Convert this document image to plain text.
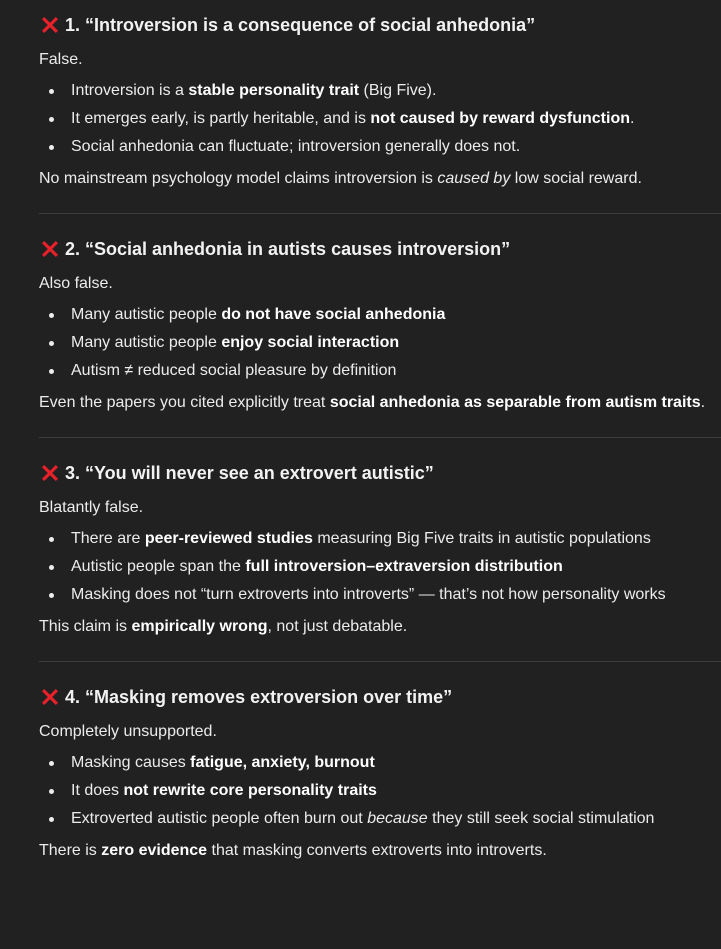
1. “Introversion is a consequence of social anhedonia”

False.

Introversion is a stable personality trait (Big Five).
It emerges early, is partly heritable, and is not caused by reward dysfunction.
Social anhedonia can fluctuate; introversion generally does not.

No mainstream psychology model claims introversion is caused by low social reward.

2. “Social anhedonia in autists causes introversion”

Also false.

Many autistic people do not have social anhedonia
Many autistic people enjoy social interaction
Autism ≠ reduced social pleasure by definition

Even the papers you cited explicitly treat social anhedonia as separable from autism traits.

3. “You will never see an extrovert autistic”

Blatantly false.

There are peer-reviewed studies measuring Big Five traits in autistic populations
Autistic people span the full introversion–extraversion distribution
Masking does not “turn extroverts into introverts” — that’s not how personality works

This claim is empirically wrong, not just debatable.

4. “Masking removes extroversion over time”

Completely unsupported.

Masking causes fatigue, anxiety, burnout
It does not rewrite core personality traits
Extroverted autistic people often burn out because they still seek social stimulation

There is zero evidence that masking converts extroverts into introverts.
